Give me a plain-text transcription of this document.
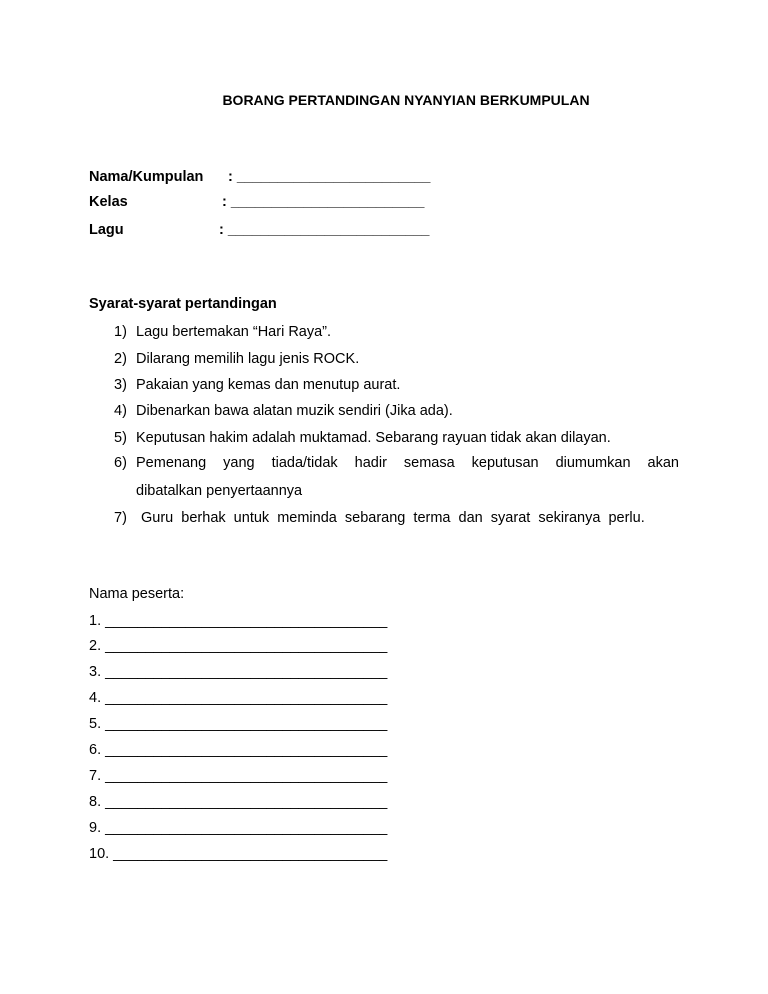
BORANG PERTANDINGAN NYANYIAN BERKUMPULAN
Nama/Kumpulan : ________________________
Kelas	: ________________________
Lagu	: _________________________
Syarat-syarat pertandingan
1) Lagu bertemakan “Hari Raya”.
2) Dilarang memilih lagu jenis ROCK.
3) Pakaian yang kemas dan menutup aurat.
4) Dibenarkan bawa alatan muzik sendiri (Jika ada).
5) Keputusan hakim adalah muktamad. Sebarang rayuan tidak akan dilayan.
6) Pemenang yang tiada/tidak hadir semasa keputusan diumumkan akan
dibatalkan penyertaannya
7) Guru  berhak  untuk  meminda  sebarang  terma  dan  syarat  sekiranya  perlu.
Nama peserta:
1. ___________________________________
2. ___________________________________
3. ___________________________________
4. ___________________________________
5. ___________________________________
6. ___________________________________
7. ___________________________________
8. ___________________________________
9. ___________________________________
10. __________________________________
